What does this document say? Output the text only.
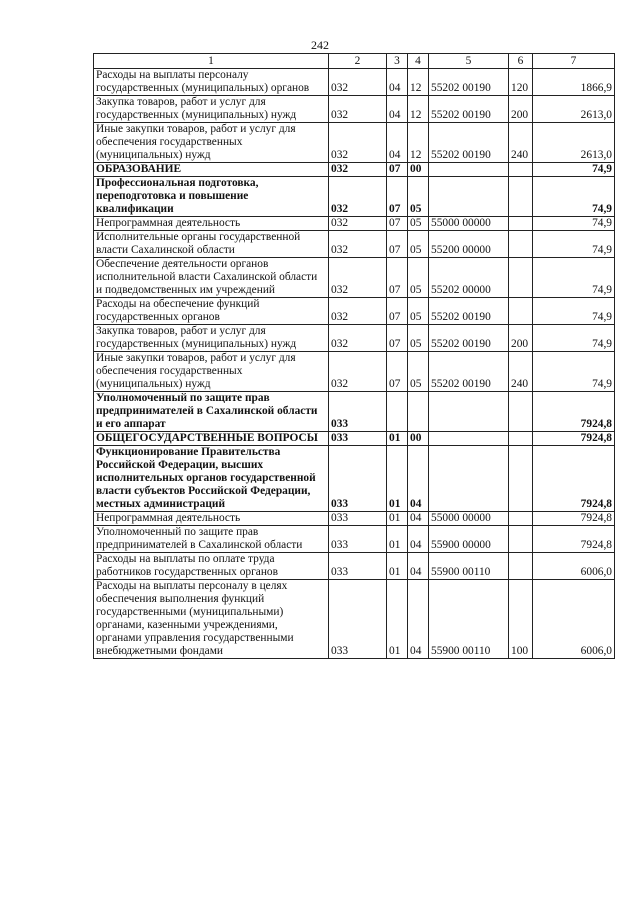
242
1	2	3	4	5	6	7
Расходы на выплаты персоналу государственных (муниципальных) органов	032	04	12	55202 00190	120	1866,9
Закупка товаров, работ и услуг для государственных (муниципальных) нужд	032	04	12	55202 00190	200	2613,0
Иные закупки товаров, работ и услуг для обеспечения государственных (муниципальных) нужд	032	04	12	55202 00190	240	2613,0
ОБРАЗОВАНИЕ	032	07	00			74,9
Профессиональная подготовка, переподготовка и повышение квалификации	032	07	05			74,9
Непрограммная деятельность	032	07	05	55000 00000		74,9
Исполнительные органы государственной власти Сахалинской области	032	07	05	55200 00000		74,9
Обеспечение деятельности органов исполнительной власти Сахалинской области и подведомственных им учреждений	032	07	05	55202 00000		74,9
Расходы на обеспечение функций государственных органов	032	07	05	55202 00190		74,9
Закупка товаров, работ и услуг для государственных (муниципальных) нужд	032	07	05	55202 00190	200	74,9
Иные закупки товаров, работ и услуг для обеспечения государственных (муниципальных) нужд	032	07	05	55202 00190	240	74,9
Уполномоченный по защите прав предпринимателей в Сахалинской области и его аппарат	033					7924,8
ОБЩЕГОСУДАРСТВЕННЫЕ ВОПРОСЫ	033	01	00			7924,8
Функционирование Правительства Российской Федерации, высших исполнительных органов государственной власти субъектов Российской Федерации, местных администраций	033	01	04			7924,8
Непрограммная деятельность	033	01	04	55000 00000		7924,8
Уполномоченный по защите прав предпринимателей в Сахалинской области	033	01	04	55900 00000		7924,8
Расходы на выплаты по оплате труда работников государственных органов	033	01	04	55900 00110		6006,0
Расходы на выплаты персоналу в целях обеспечения выполнения функций государственными (муниципальными) органами, казенными учреждениями, органами управления государственными внебюджетными фондами	033	01	04	55900 00110	100	6006,0
